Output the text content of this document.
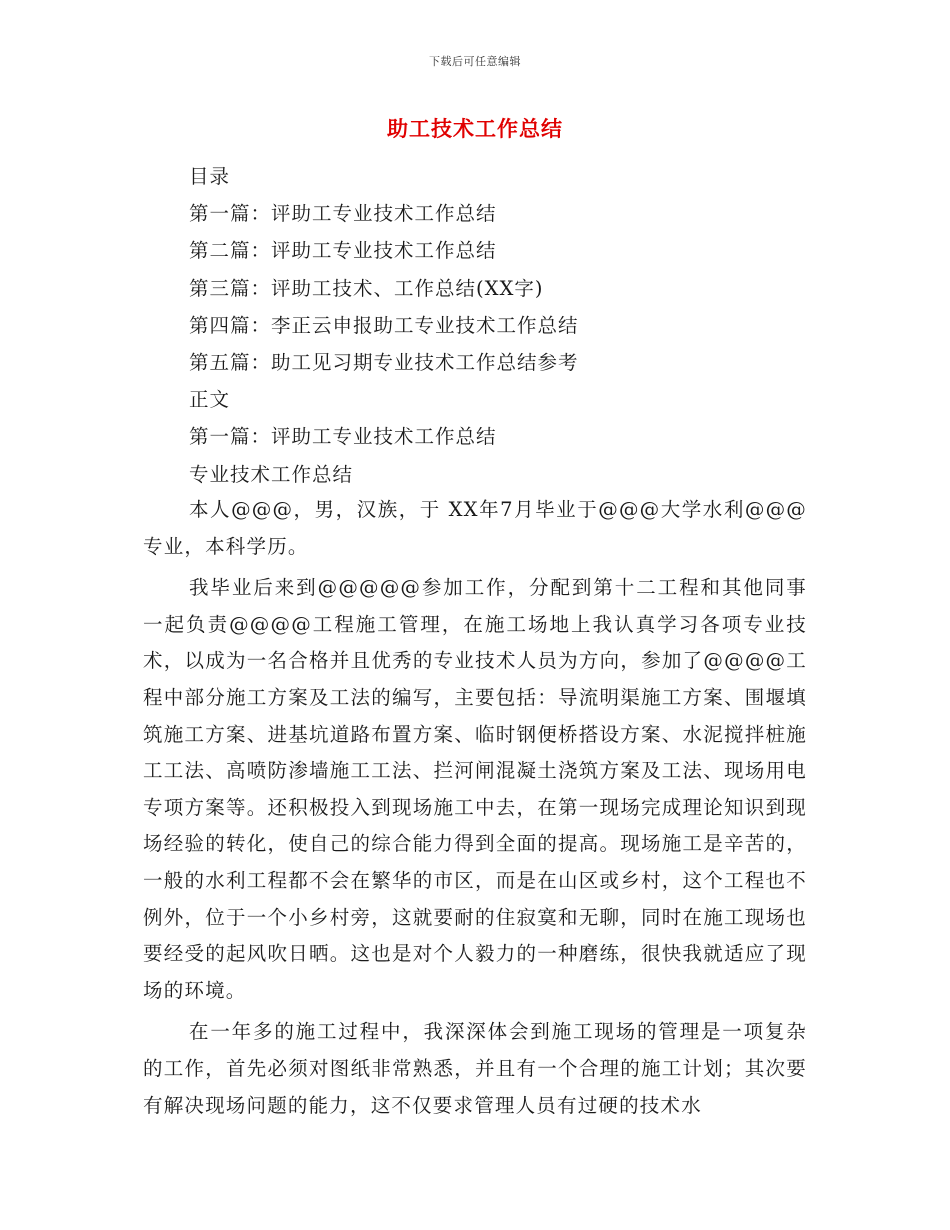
下载后可任意编辑
助工技术工作总结
目录
第一篇：评助工专业技术工作总结
第二篇：评助工专业技术工作总结
第三篇：评助工技术、工作总结(XX字)
第四篇：李正云申报助工专业技术工作总结
第五篇：助工见习期专业技术工作总结参考
正文
第一篇：评助工专业技术工作总结
专业技术工作总结

本人@@@，男，汉族，于 XX年7月毕业于@@@大学水利@@@专业，本科学历。

我毕业后来到@@@@@参加工作，分配到第十二工程和其他同事一起负责@@@@工程施工管理，在施工场地上我认真学习各项专业技术，以成为一名合格并且优秀的专业技术人员为方向，参加了@@@@工程中部分施工方案及工法的编写，主要包括：导流明渠施工方案、围堰填筑施工方案、进基坑道路布置方案、临时钢便桥搭设方案、水泥搅拌桩施工工法、高喷防渗墙施工工法、拦河闸混凝土浇筑方案及工法、现场用电专项方案等。还积极投入到现场施工中去，在第一现场完成理论知识到现场经验的转化，使自己的综合能力得到全面的提高。现场施工是辛苦的，一般的水利工程都不会在繁华的市区，而是在山区或乡村，这个工程也不例外，位于一个小乡村旁，这就要耐的住寂寞和无聊，同时在施工现场也要经受的起风吹日晒。这也是对个人毅力的一种磨练，很快我就适应了现场的环境。

在一年多的施工过程中，我深深体会到施工现场的管理是一项复杂的工作，首先必须对图纸非常熟悉，并且有一个合理的施工计划；其次要有解决现场问题的能力，这不仅要求管理人员有过硬的技术水
